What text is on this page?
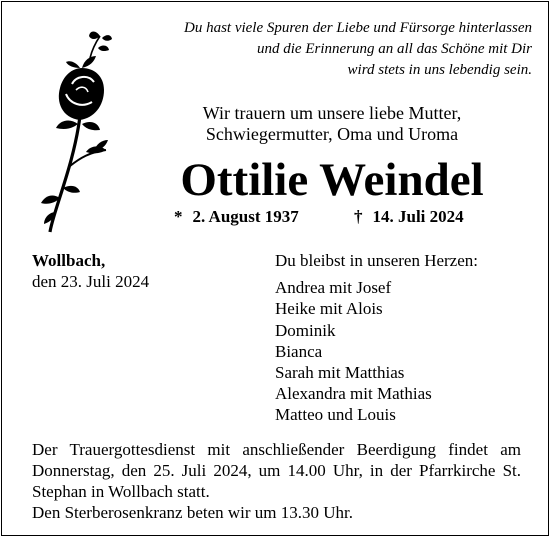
Du hast viele Spuren der Liebe und Fürsorge hinterlassen
und die Erinnerung an all das Schöne mit Dir
wird stets in uns lebendig sein.
Wir trauern um unsere liebe Mutter,
Schwiegermutter, Oma und Uroma
Ottilie Weindel
* 2. August 1937	† 14. Juli 2024
Wollbach,
den 23. Juli 2024
Du bleibst in unseren Herzen:
Andrea mit Josef
Heike mit Alois
Dominik
Bianca
Sarah mit Matthias
Alexandra mit Mathias
Matteo und Louis
Der Trauergottesdienst mit anschließender Beerdigung findet am Donnerstag, den 25. Juli 2024, um 14.00 Uhr, in der Pfarrkirche St. Stephan in Wollbach statt.
Den Sterberosenkranz beten wir um 13.30 Uhr.
